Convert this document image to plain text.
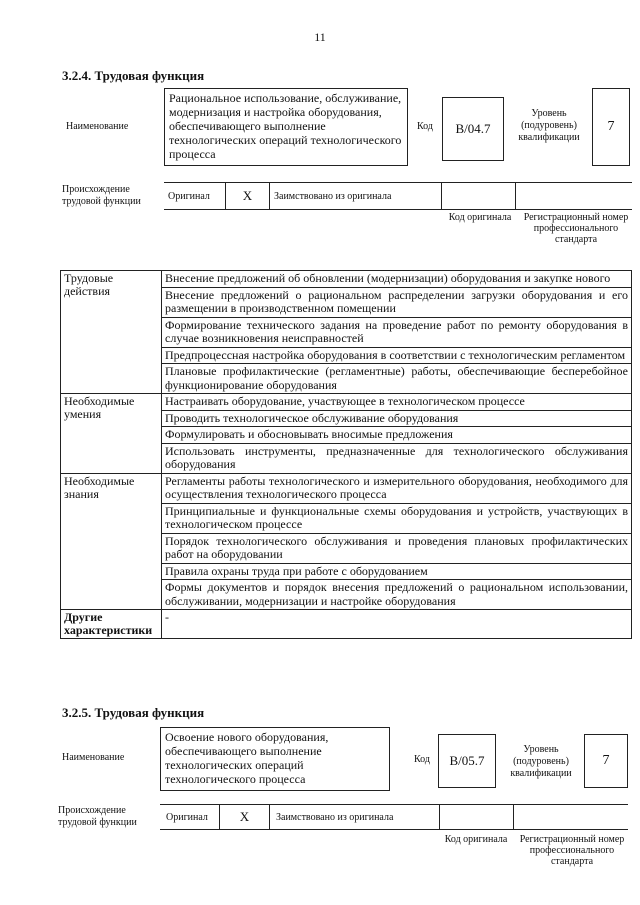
11
3.2.4. Трудовая функция
Наименование
Рациональное использование, обслуживание, модернизация и настройка оборудования, обеспечивающего выполнение технологических операций технологического процесса
Код	В/04.7
Уровень (подуровень) квалификации
7
Происхождение трудовой функции	Оригинал	X	Заимствовано из оригинала
Код оригинала	Регистрационный номер профессионального стандарта
Трудовые действия	Внесение предложений об обновлении (модернизации) оборудования и закупке нового
	Внесение предложений о рациональном распределении загрузки оборудования и его размещении в производственном помещении
	Формирование технического задания на проведение работ по ремонту оборудования в случае возникновения неисправностей
	Предпроцессная настройка оборудования в соответствии с технологическим регламентом
	Плановые профилактические (регламентные) работы, обеспечивающие бесперебойное функционирование оборудования
Необходимые умения	Настраивать оборудование, участвующее в технологическом процессе
	Проводить технологическое обслуживание оборудования
	Формулировать и обосновывать вносимые предложения
	Использовать инструменты, предназначенные для технологического обслуживания оборудования
Необходимые знания	Регламенты работы технологического и измерительного оборудования, необходимого для осуществления технологического процесса
	Принципиальные и функциональные схемы оборудования и устройств, участвующих в технологическом процессе
	Порядок технологического обслуживания и проведения плановых профилактических работ на оборудовании
	Правила охраны труда при работе с оборудованием
	Формы документов и порядок внесения предложений о рациональном использовании, обслуживании, модернизации и настройке оборудования
Другие характеристики	-
3.2.5. Трудовая функция
Наименование
Освоение нового оборудования, обеспечивающего выполнение технологических операций технологического процесса
Код	В/05.7
Уровень (подуровень) квалификации
7
Происхождение трудовой функции	Оригинал	X	Заимствовано из оригинала
Код оригинала	Регистрационный номер профессионального стандарта
